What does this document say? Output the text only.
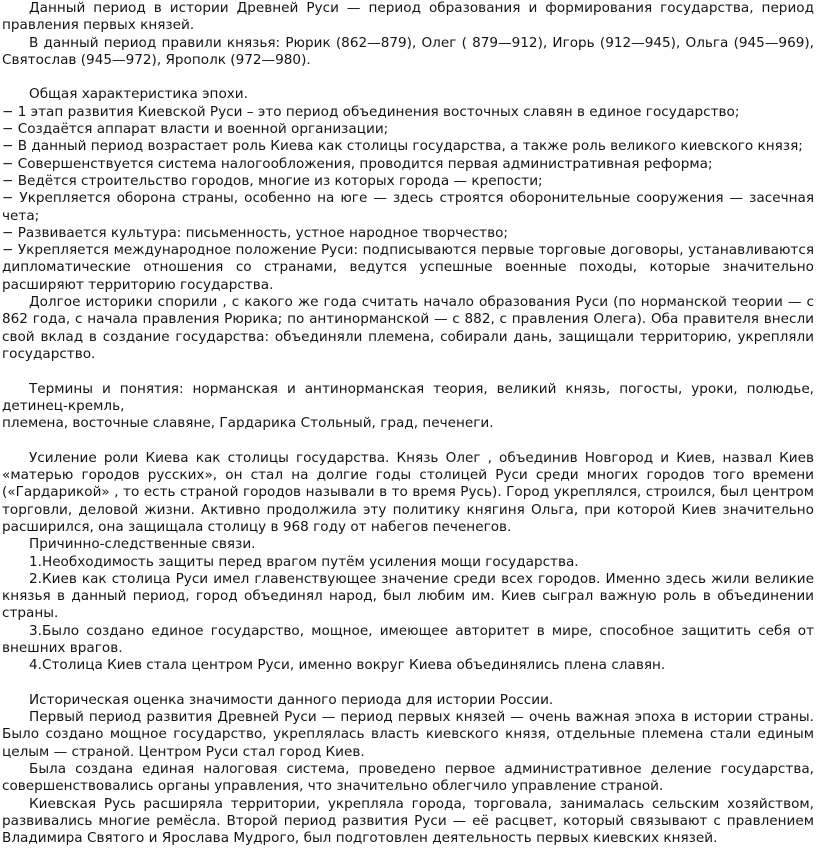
Данный период в истории Древней Руси — период образования и формирования государства, период правления первых князей.

В данный период правили князья: Рюрик (862—879), Олег ( 879—912), Игорь (912—945), Ольга (945—969), Святослав (945—972), Ярополк (972—980).

Общая характеристика эпохи.

− 1 этап развития Киевской Руси – это период объединения восточных славян в единое государство;

− Создаётся аппарат власти и военной организации;

− В данный период возрастает роль Киева как столицы государства, а также роль великого киевского князя;

− Совершенствуется система налогообложения, проводится первая административная реформа;

− Ведётся строительство городов, многие из которых города — крепости;

− Укрепляется оборона страны, особенно на юге — здесь строятся оборонительные сооружения — засечная чета;

− Развивается культура: письменность, устное народное творчество;

− Укрепляется международное положение Руси: подписываются первые торговые договоры, устанавливаются дипломатические отношения со странами, ведутся успешные военные походы, которые значительно расширяют территорию государства.

Долгое историки спорили , с какого же года считать начало образования Руси (по норманской теории — с 862 года, с начала правления Рюрика; по антинорманской — с 882, с правления Олега). Оба правителя внесли свой вклад в создание государства: объединяли племена, собирали дань, защищали территорию, укрепляли государство.

Термины и понятия: норманская и антинорманская теория, великий князь, погосты, уроки, полюдье, детинец-кремль,

племена, восточные славяне, Гардарика Стольный, град, печенеги.

Усиление роли Киева как столицы государства. Князь Олег , объединив Новгород и Киев, назвал Киев «матерью городов русских», он стал на долгие годы столицей Руси среди многих городов того времени («Гардарикой» , то есть страной городов называли в то время Русь). Город укреплялся, строился, был центром торговли, деловой жизни. Активно продолжила эту политику княгиня Ольга, при которой Киев значительно расширился, она защищала столицу в 968 году от набегов печенегов.

Причинно-следственные связи.

1.Необходимость защиты перед врагом путём усиления мощи государства.

2.Киев как столица Руси имел главенствующее значение среди всех городов. Именно здесь жили великие князья в данный период, город объединял народ, был любим им. Киев сыграл важную роль в объединении страны.

3.Было создано единое государство, мощное, имеющее авторитет в мире, способное защитить себя от внешних врагов.

4.Столица Киев стала центром Руси, именно вокруг Киева объединялись плена славян.

Историческая оценка значимости данного периода для истории России.

Первый период развития Древней Руси — период первых князей — очень важная эпоха в истории страны. Было создано мощное государство, укреплялась власть киевского князя, отдельные племена стали единым целым — страной. Центром Руси стал город Киев.

Была создана единая налоговая система, проведено первое административное деление государства, совершенствовались органы управления, что значительно облегчило управление страной.

Киевская Русь расширяла территории, укрепляла города, торговала, занималась сельским хозяйством, развивались многие ремёсла. Второй период развития Руси — её расцвет, который связывают с правлением Владимира Святого и Ярослава Мудрого, был подготовлен деятельность первых киевских князей.
